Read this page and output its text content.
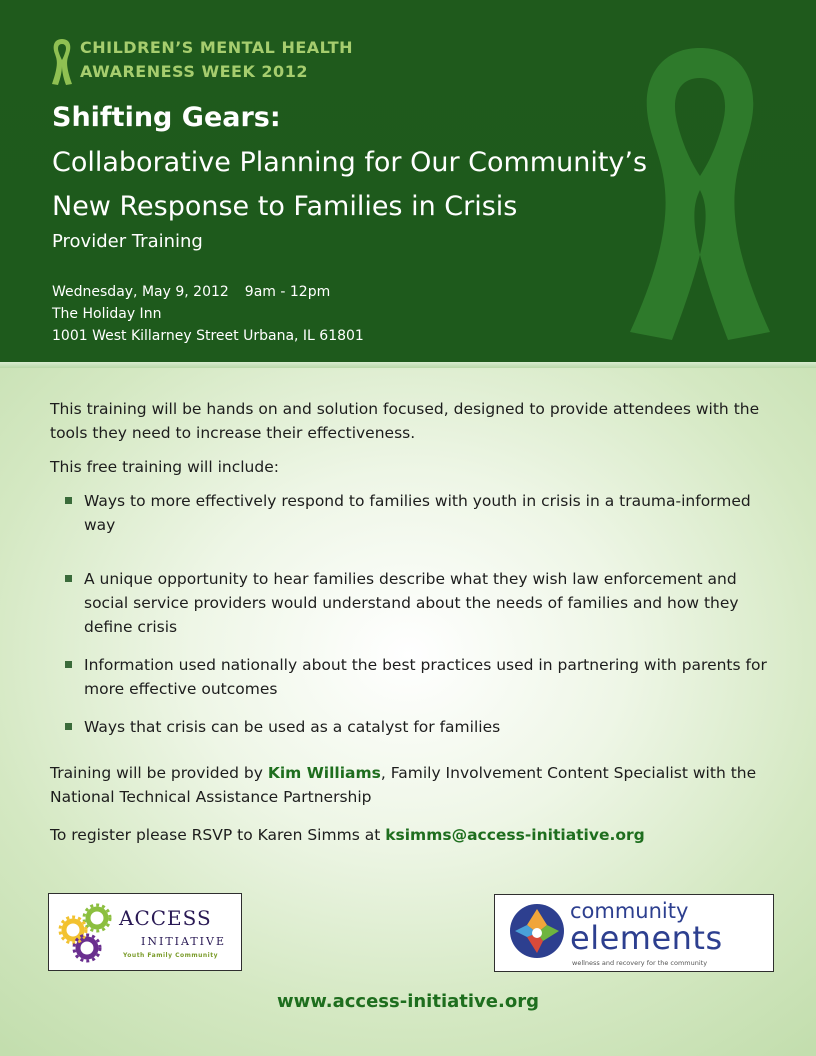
CHILDREN’S MENTAL HEALTH
AWARENESS WEEK 2012
Shifting Gears:
Collaborative Planning for Our Community’s
New Response to Families in Crisis
Provider Training
Wednesday, May 9, 2012 9am - 12pm
The Holiday Inn
1001 West Killarney Street Urbana, IL 61801

This training will be hands on and solution focused, designed to provide attendees with the tools they need to increase their effectiveness.

This free training will include:

Ways to more effectively respond to families with youth in crisis in a trauma-informed way
A unique opportunity to hear families describe what they wish law enforcement and social service providers would understand about the needs of families and how they define crisis
Information used nationally about the best practices used in partnering with parents for more effective outcomes
Ways that crisis can be used as a catalyst for families

Training will be provided by Kim Williams, Family Involvement Content Specialist with the National Technical Assistance Partnership

To register please RSVP to Karen Simms at ksimms@access-initiative.org

ACCESS
INITIATIVE
Youth Family Community
community
elements
wellness and recovery for the community
www.access-initiative.org
